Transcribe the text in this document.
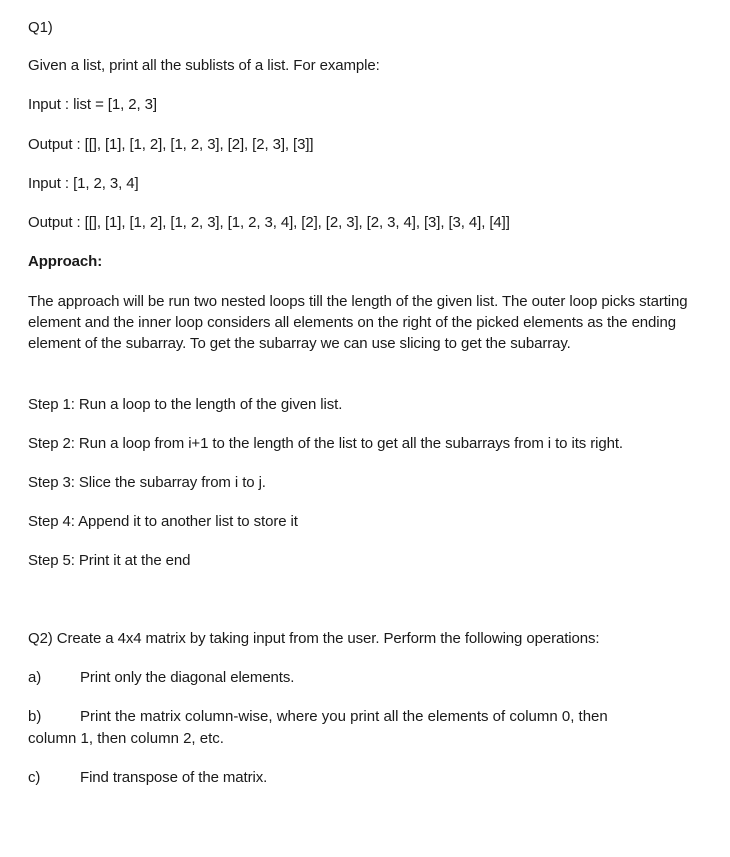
Q1)
Given a list, print all the sublists of a list. For example:
Input : list = [1, 2, 3]
Output : [[], [1], [1, 2], [1, 2, 3], [2], [2, 3], [3]]
Input : [1, 2, 3, 4]
Output : [[], [1], [1, 2], [1, 2, 3], [1, 2, 3, 4], [2], [2, 3], [2, 3, 4], [3], [3, 4], [4]]
Approach:
The approach will be run two nested loops till the length of the given list. The outer loop picks starting element and the inner loop considers all elements on the right of the picked elements as the ending element of the subarray. To get the subarray we can use slicing to get the subarray.
Step 1: Run a loop to the length of the given list.
Step 2: Run a loop from i+1 to the length of the list to get all the subarrays from i to its right.
Step 3: Slice the subarray from i to j.
Step 4: Append it to another list to store it
Step 5: Print it at the end
Q2) Create a 4x4 matrix by taking input from the user. Perform the following operations:
a)	Print only the diagonal elements.
b)	Print the matrix column-wise, where you print all the elements of column 0, then
column 1, then column 2, etc.
c)	Find transpose of the matrix.
